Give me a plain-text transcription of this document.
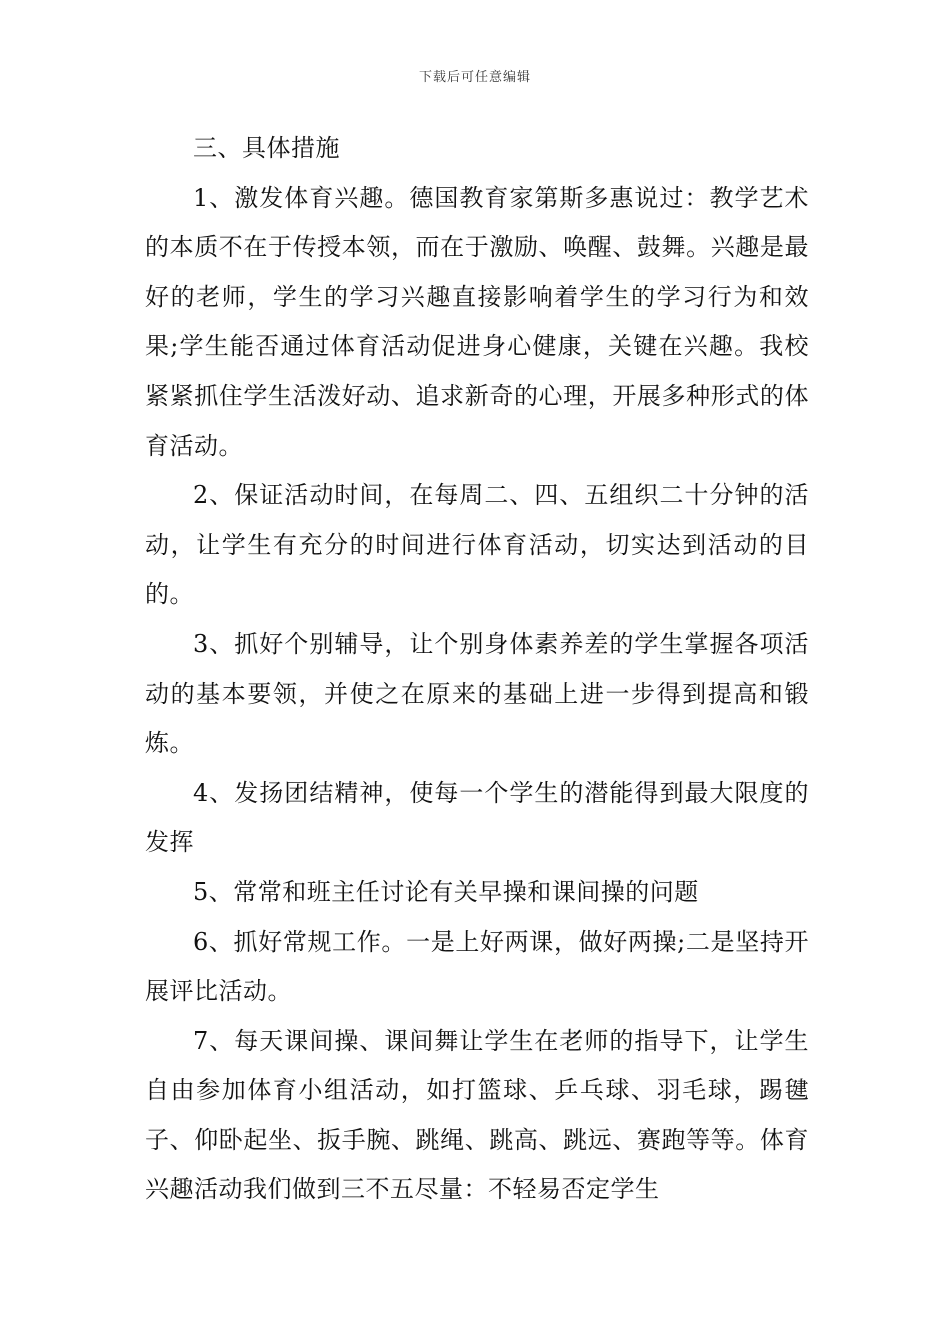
下载后可任意编辑

三、具体措施

1、激发体育兴趣。德国教育家第斯多惠说过：教学艺术的本质不在于传授本领，而在于激励、唤醒、鼓舞。兴趣是最好的老师，学生的学习兴趣直接影响着学生的学习行为和效果;学生能否通过体育活动促进身心健康，关键在兴趣。我校紧紧抓住学生活泼好动、追求新奇的心理，开展多种形式的体育活动。

2、保证活动时间，在每周二、四、五组织二十分钟的活动，让学生有充分的时间进行体育活动，切实达到活动的目的。

3、抓好个别辅导，让个别身体素养差的学生掌握各项活动的基本要领，并使之在原来的基础上进一步得到提高和锻炼。

4、发扬团结精神，使每一个学生的潜能得到最大限度的发挥

5、常常和班主任讨论有关早操和课间操的问题

6、抓好常规工作。一是上好两课，做好两操;二是坚持开展评比活动。

7、每天课间操、课间舞让学生在老师的指导下，让学生自由参加体育小组活动，如打篮球、乒乓球、羽毛球，踢毽子、仰卧起坐、扳手腕、跳绳、跳高、跳远、赛跑等等。体育兴趣活动我们做到三不五尽量：不轻易否定学生
